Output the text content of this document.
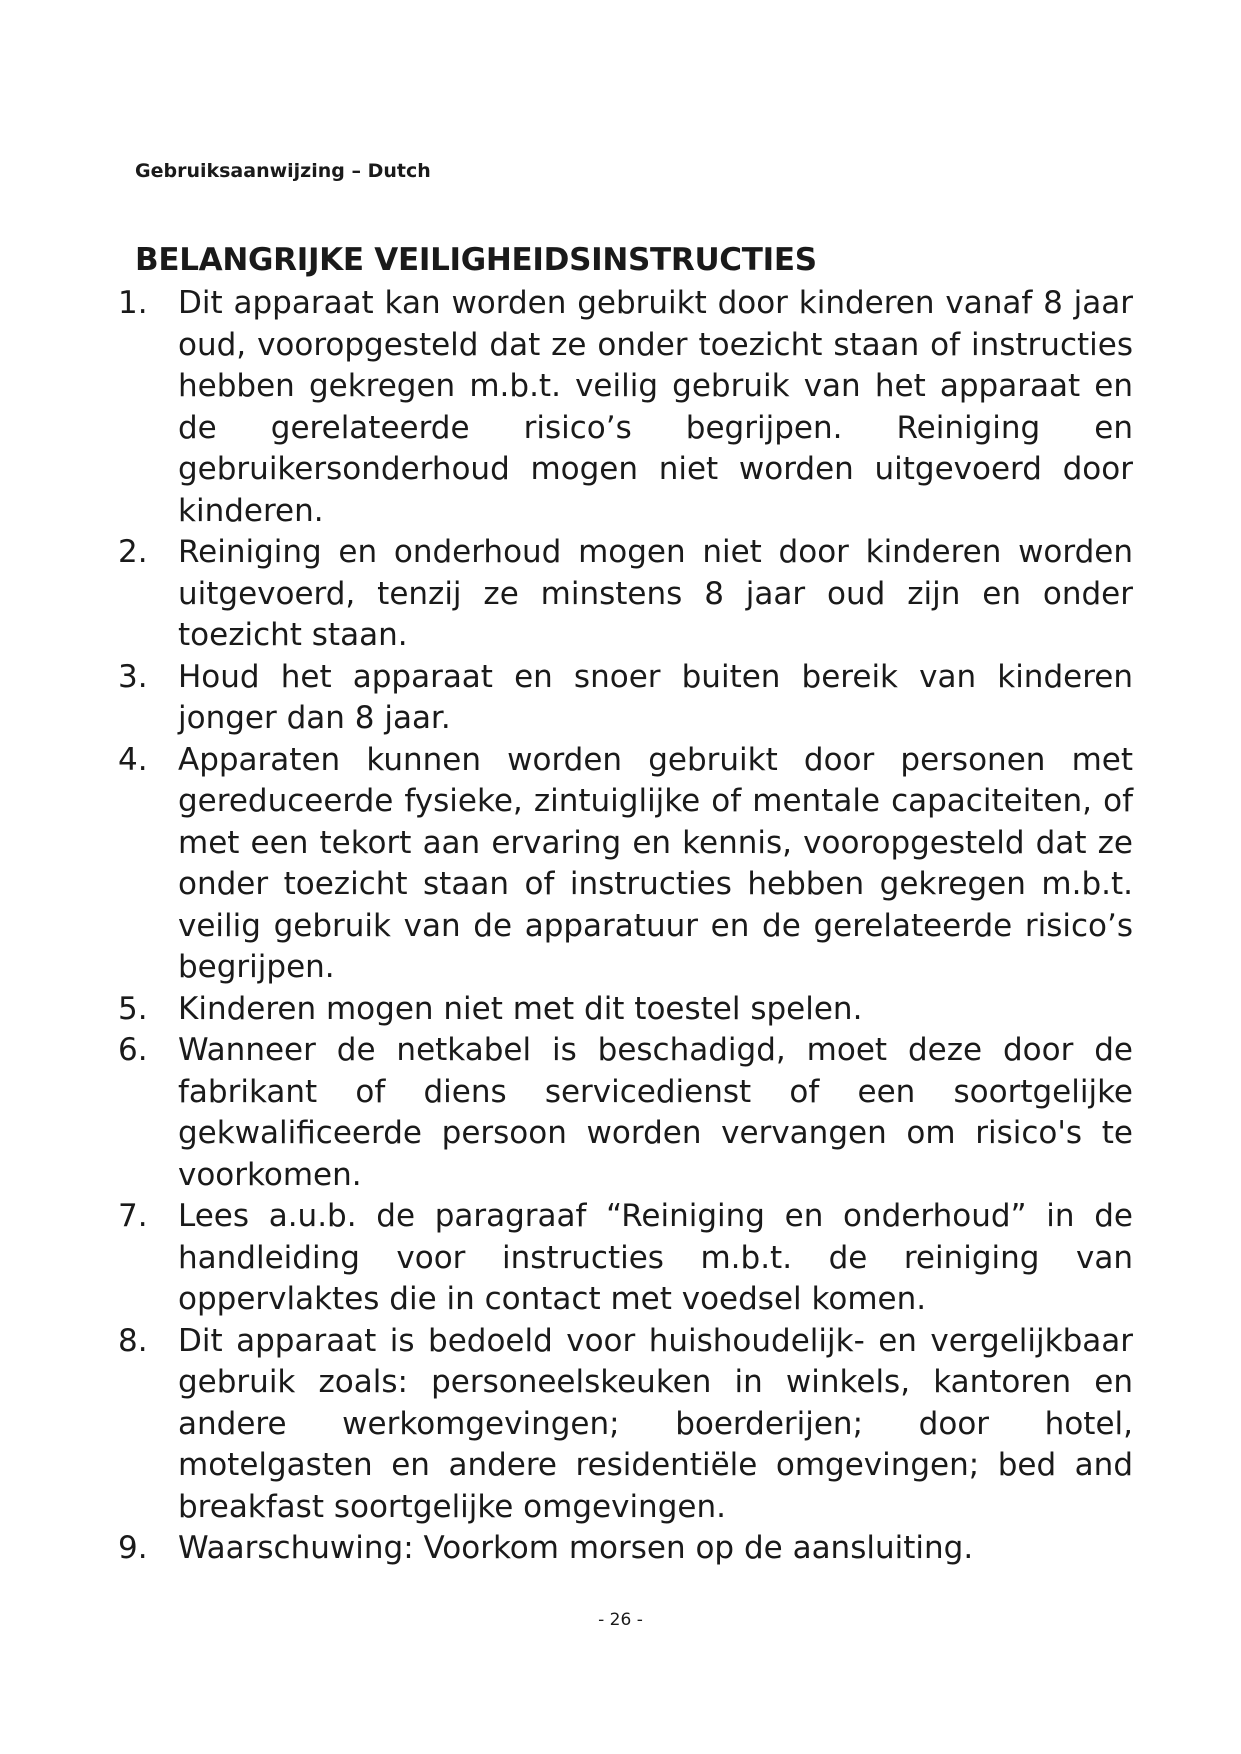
Gebruiksaanwijzing – Dutch
BELANGRIJKE VEILIGHEIDSINSTRUCTIES
1. Dit apparaat kan worden gebruikt door kinderen vanaf 8 jaar oud, vooropgesteld dat ze onder toezicht staan of instructies hebben gekregen m.b.t. veilig gebruik van het apparaat en de gerelateerde risico’s begrijpen. Reiniging en gebruikersonderhoud mogen niet worden uitgevoerd door kinderen.
2. Reiniging en onderhoud mogen niet door kinderen worden uitgevoerd, tenzij ze minstens 8 jaar oud zijn en onder toezicht staan.
3. Houd het apparaat en snoer buiten bereik van kinderen jonger dan 8 jaar.
4. Apparaten kunnen worden gebruikt door personen met gereduceerde fysieke, zintuiglijke of mentale capaciteiten, of met een tekort aan ervaring en kennis, vooropgesteld dat ze onder toezicht staan of instructies hebben gekregen m.b.t. veilig gebruik van de apparatuur en de gerelateerde risico’s begrijpen.
5. Kinderen mogen niet met dit toestel spelen.
6. Wanneer de netkabel is beschadigd, moet deze door de fabrikant of diens servicedienst of een soortgelijke gekwalificeerde persoon worden vervangen om risico's te voorkomen.
7. Lees a.u.b. de paragraaf “Reiniging en onderhoud” in de handleiding voor instructies m.b.t. de reiniging van oppervlaktes die in contact met voedsel komen.
8. Dit apparaat is bedoeld voor huishoudelijk- en vergelijkbaar gebruik zoals: personeelskeuken in winkels, kantoren en andere werkomgevingen; boerderijen; door hotel, motelgasten en andere residentiële omgevingen; bed and breakfast soortgelijke omgevingen.
9. Waarschuwing: Voorkom morsen op de aansluiting.
- 26 -
